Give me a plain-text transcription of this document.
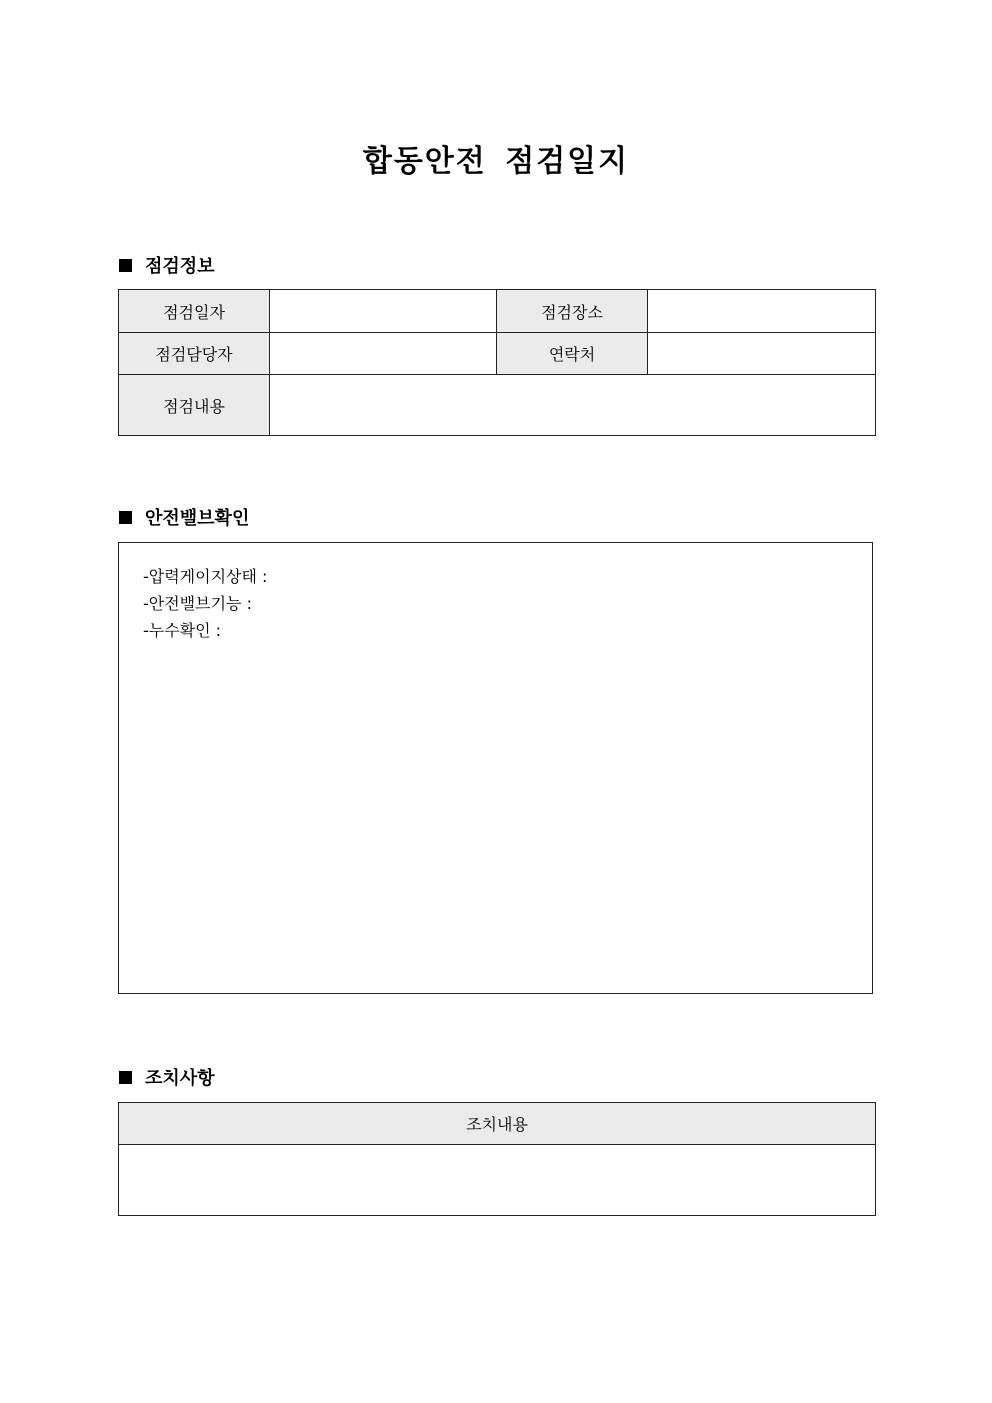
합동안전 점검일지
점검정보
점검일자		점검장소	
점검담당자		연락처	
점검내용			
안전밸브확인
-압력게이지상태 :
-안전밸브기능 :
-누수확인 :
조치사항
조치내용
